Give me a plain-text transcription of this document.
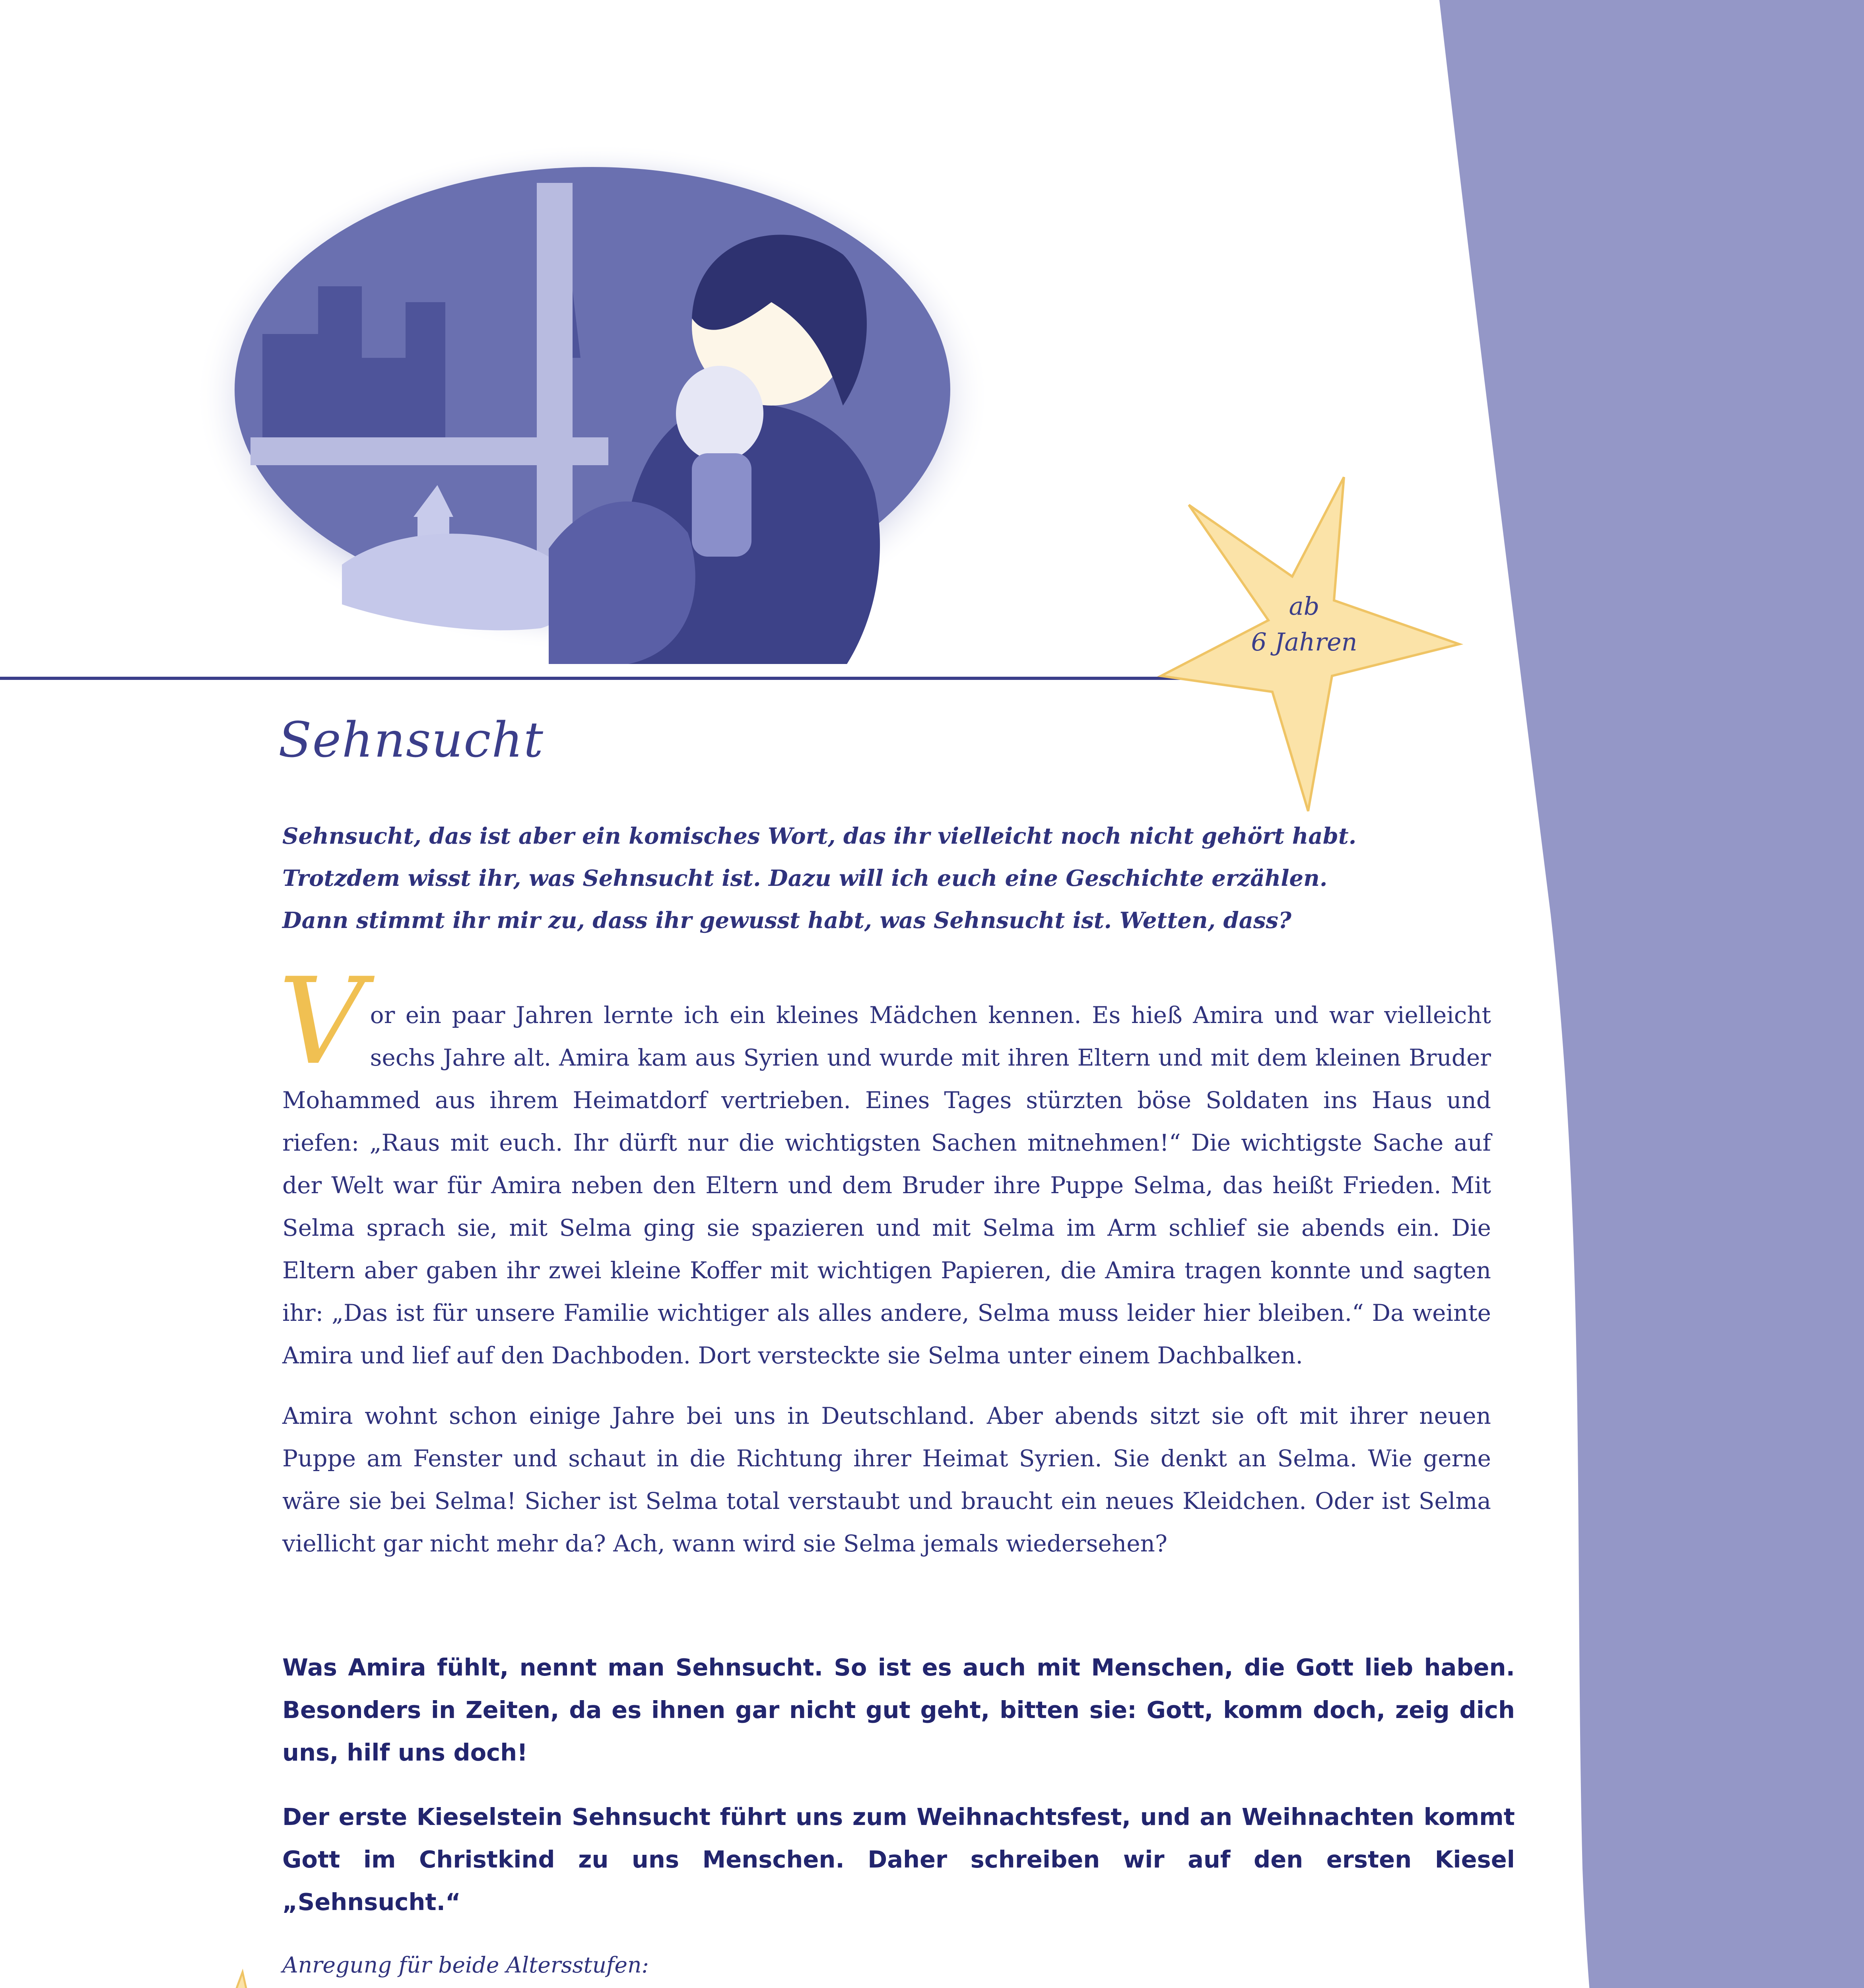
ab
6 Jahren
Sehnsucht

Sehnsucht, das ist aber ein komisches Wort, das ihr vielleicht noch nicht gehört habt. Trotzdem wisst ihr, was Sehnsucht ist. Dazu will ich euch eine Geschichte erzählen. Dann stimmt ihr mir zu, dass ihr gewusst habt, was Sehnsucht ist. Wetten, dass?

V or ein paar Jahren lernte ich ein kleines Mädchen kennen. Es hieß Amira und war vielleicht sechs Jahre alt. Amira kam aus Syrien und wurde mit ihren Eltern und mit dem kleinen Bruder Mohammed aus ihrem Heimatdorf vertrieben. Eines Tages stürzten böse Soldaten ins Haus und riefen: „Raus mit euch. Ihr dürft nur die wichtigsten Sachen mitnehmen!“ Die wichtigste Sache auf der Welt war für Amira neben den Eltern und dem Bruder ihre Puppe Selma, das heißt Frieden. Mit Selma sprach sie, mit Selma ging sie spazieren und mit Selma im Arm schlief sie abends ein. Die Eltern aber gaben ihr zwei kleine Koffer mit wichtigen Papieren, die Amira tragen konnte und sagten ihr: „Das ist für unsere Familie wichtiger als alles andere, Selma muss leider hier bleiben.“ Da weinte Amira und lief auf den Dachboden. Dort versteckte sie Selma unter einem Dachbalken.

Amira wohnt schon einige Jahre bei uns in Deutschland. Aber abends sitzt sie oft mit ihrer neuen Puppe am Fenster und schaut in die Richtung ihrer Heimat Syrien. Sie denkt an Selma. Wie gerne wäre sie bei Selma! Sicher ist Selma total verstaubt und braucht ein neues Kleidchen. Oder ist Selma viellicht gar nicht mehr da? Ach, wann wird sie Selma jemals wiedersehen?

Was Amira fühlt, nennt man Sehnsucht. So ist es auch mit Menschen, die Gott lieb haben. Besonders in Zeiten, da es ihnen gar nicht gut geht, bitten sie: Gott, komm doch, zeig dich uns, hilf uns doch!

Der erste Kieselstein Sehnsucht führt uns zum Weihnachtsfest, und an Weihnachten kommt Gott im Christkind zu uns Menschen. Daher schreiben wir auf den ersten Kiesel „Sehnsucht.“

Anregung für beide Altersstufen:
